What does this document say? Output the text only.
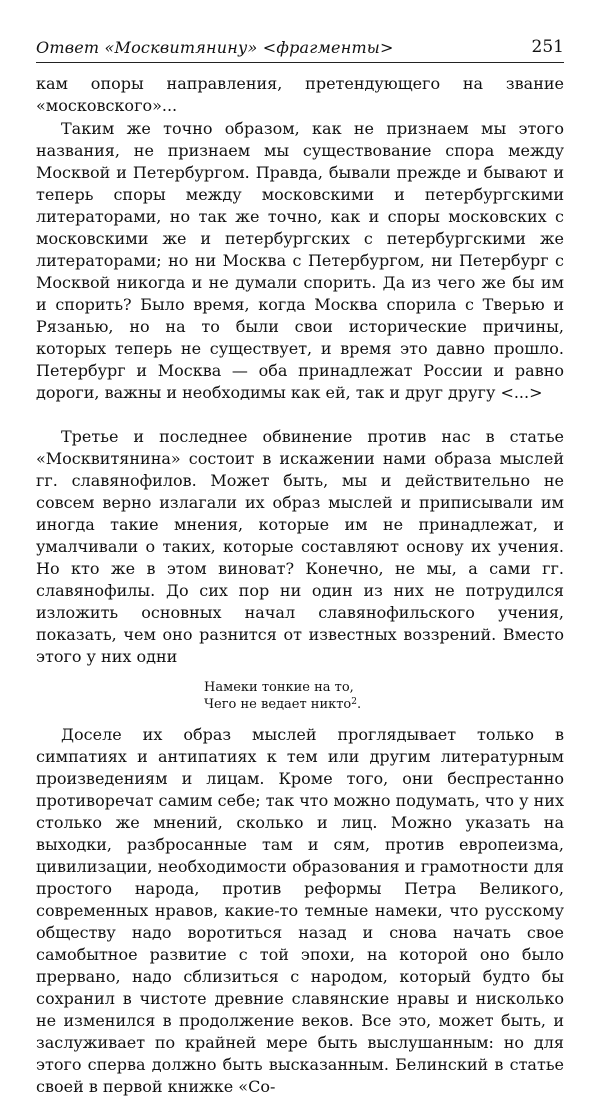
Ответ «Москвитянину» <фрагменты>	251

кам опоры направления, претендующего на звание «московского»...

Таким же точно образом, как не признаем мы этого названия, не признаем мы существование спора между Москвой и Петербургом. Правда, бывали прежде и бывают и теперь споры между московскими и петербургскими литераторами, но так же точно, как и споры московских с московскими же и петербургских с петербургскими же литераторами; но ни Москва с Петербургом, ни Петербург с Москвой никогда и не думали спорить. Да из чего же бы им и спорить? Было время, когда Москва спорила с Тверью и Рязанью, но на то были свои исторические причины, которых теперь не существует, и время это давно прошло. Петербург и Москва — оба принадлежат России и равно дороги, важны и необходимы как ей, так и друг другу <...>

Третье и последнее обвинение против нас в статье «Москвитянина» состоит в искажении нами образа мыслей гг. славянофилов. Может быть, мы и действительно не совсем верно излагали их образ мыслей и приписывали им иногда такие мнения, которые им не принадлежат, и умалчивали о таких, которые составляют основу их учения. Но кто же в этом виноват? Конечно, не мы, а сами гг. славянофилы. До сих пор ни один из них не потрудился изложить основных начал славянофильского учения, показать, чем оно разнится от известных воззрений. Вместо этого у них одни

Намеки тонкие на то,
Чего не ведает никто$^2$.

Доселе их образ мыслей проглядывает только в симпатиях и антипатиях к тем или другим литературным произведениям и лицам. Кроме того, они беспрестанно противоречат самим себе; так что можно подумать, что у них столько же мнений, сколько и лиц. Можно указать на выходки, разбросанные там и сям, против европеизма, цивилизации, необходимости образования и грамотности для простого народа, против реформы Петра Великого, современных нравов, какие-то темные намеки, что русскому обществу надо воротиться назад и снова начать свое самобытное развитие с той эпохи, на которой оно было прервано, надо сблизиться с народом, который будто бы сохранил в чистоте древние славянские нравы и нисколько не изменился в продолжение веков. Все это, может быть, и заслуживает по крайней мере быть выслушанным: но для этого сперва должно быть высказанным. Белинский в статье своей в первой книжке «Со-
